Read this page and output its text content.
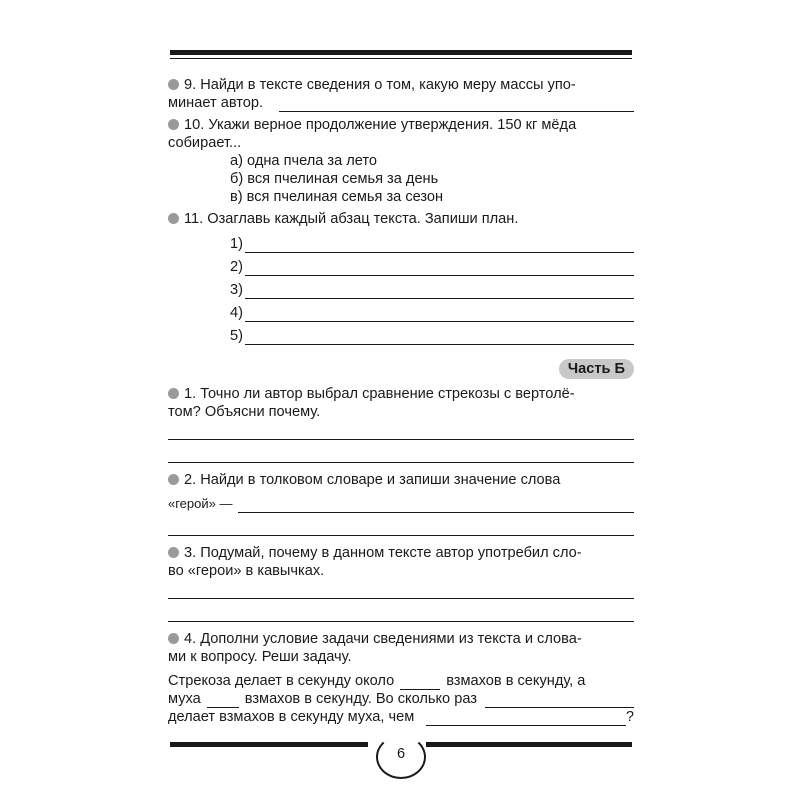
9. Найди в тексте сведения о том, какую меру массы упо-
минает автор.
10. Укажи верное продолжение утверждения. 150 кг мёда
собирает...
а) одна пчела за лето
б) вся пчелиная семья за день
в) вся пчелиная семья за сезон
11. Озаглавь каждый абзац текста. Запиши план.
1)
2)
3)
4)
5)
Часть Б
1. Точно ли автор выбрал сравнение стрекозы с вертолё-
том? Объясни почему.
2. Найди в толковом словаре и запиши значение слова
«герой» —
3. Подумай, почему в данном тексте автор употребил сло-
во «герои» в кавычках.
4. Дополни условие задачи сведениями из текста и слова-
ми к вопросу. Реши задачу.
Стрекоза делает в секунду около	взмахов в секунду, а
муха	взмахов в секунду. Во сколько раз
делает взмахов в секунду муха, чем	?
6
